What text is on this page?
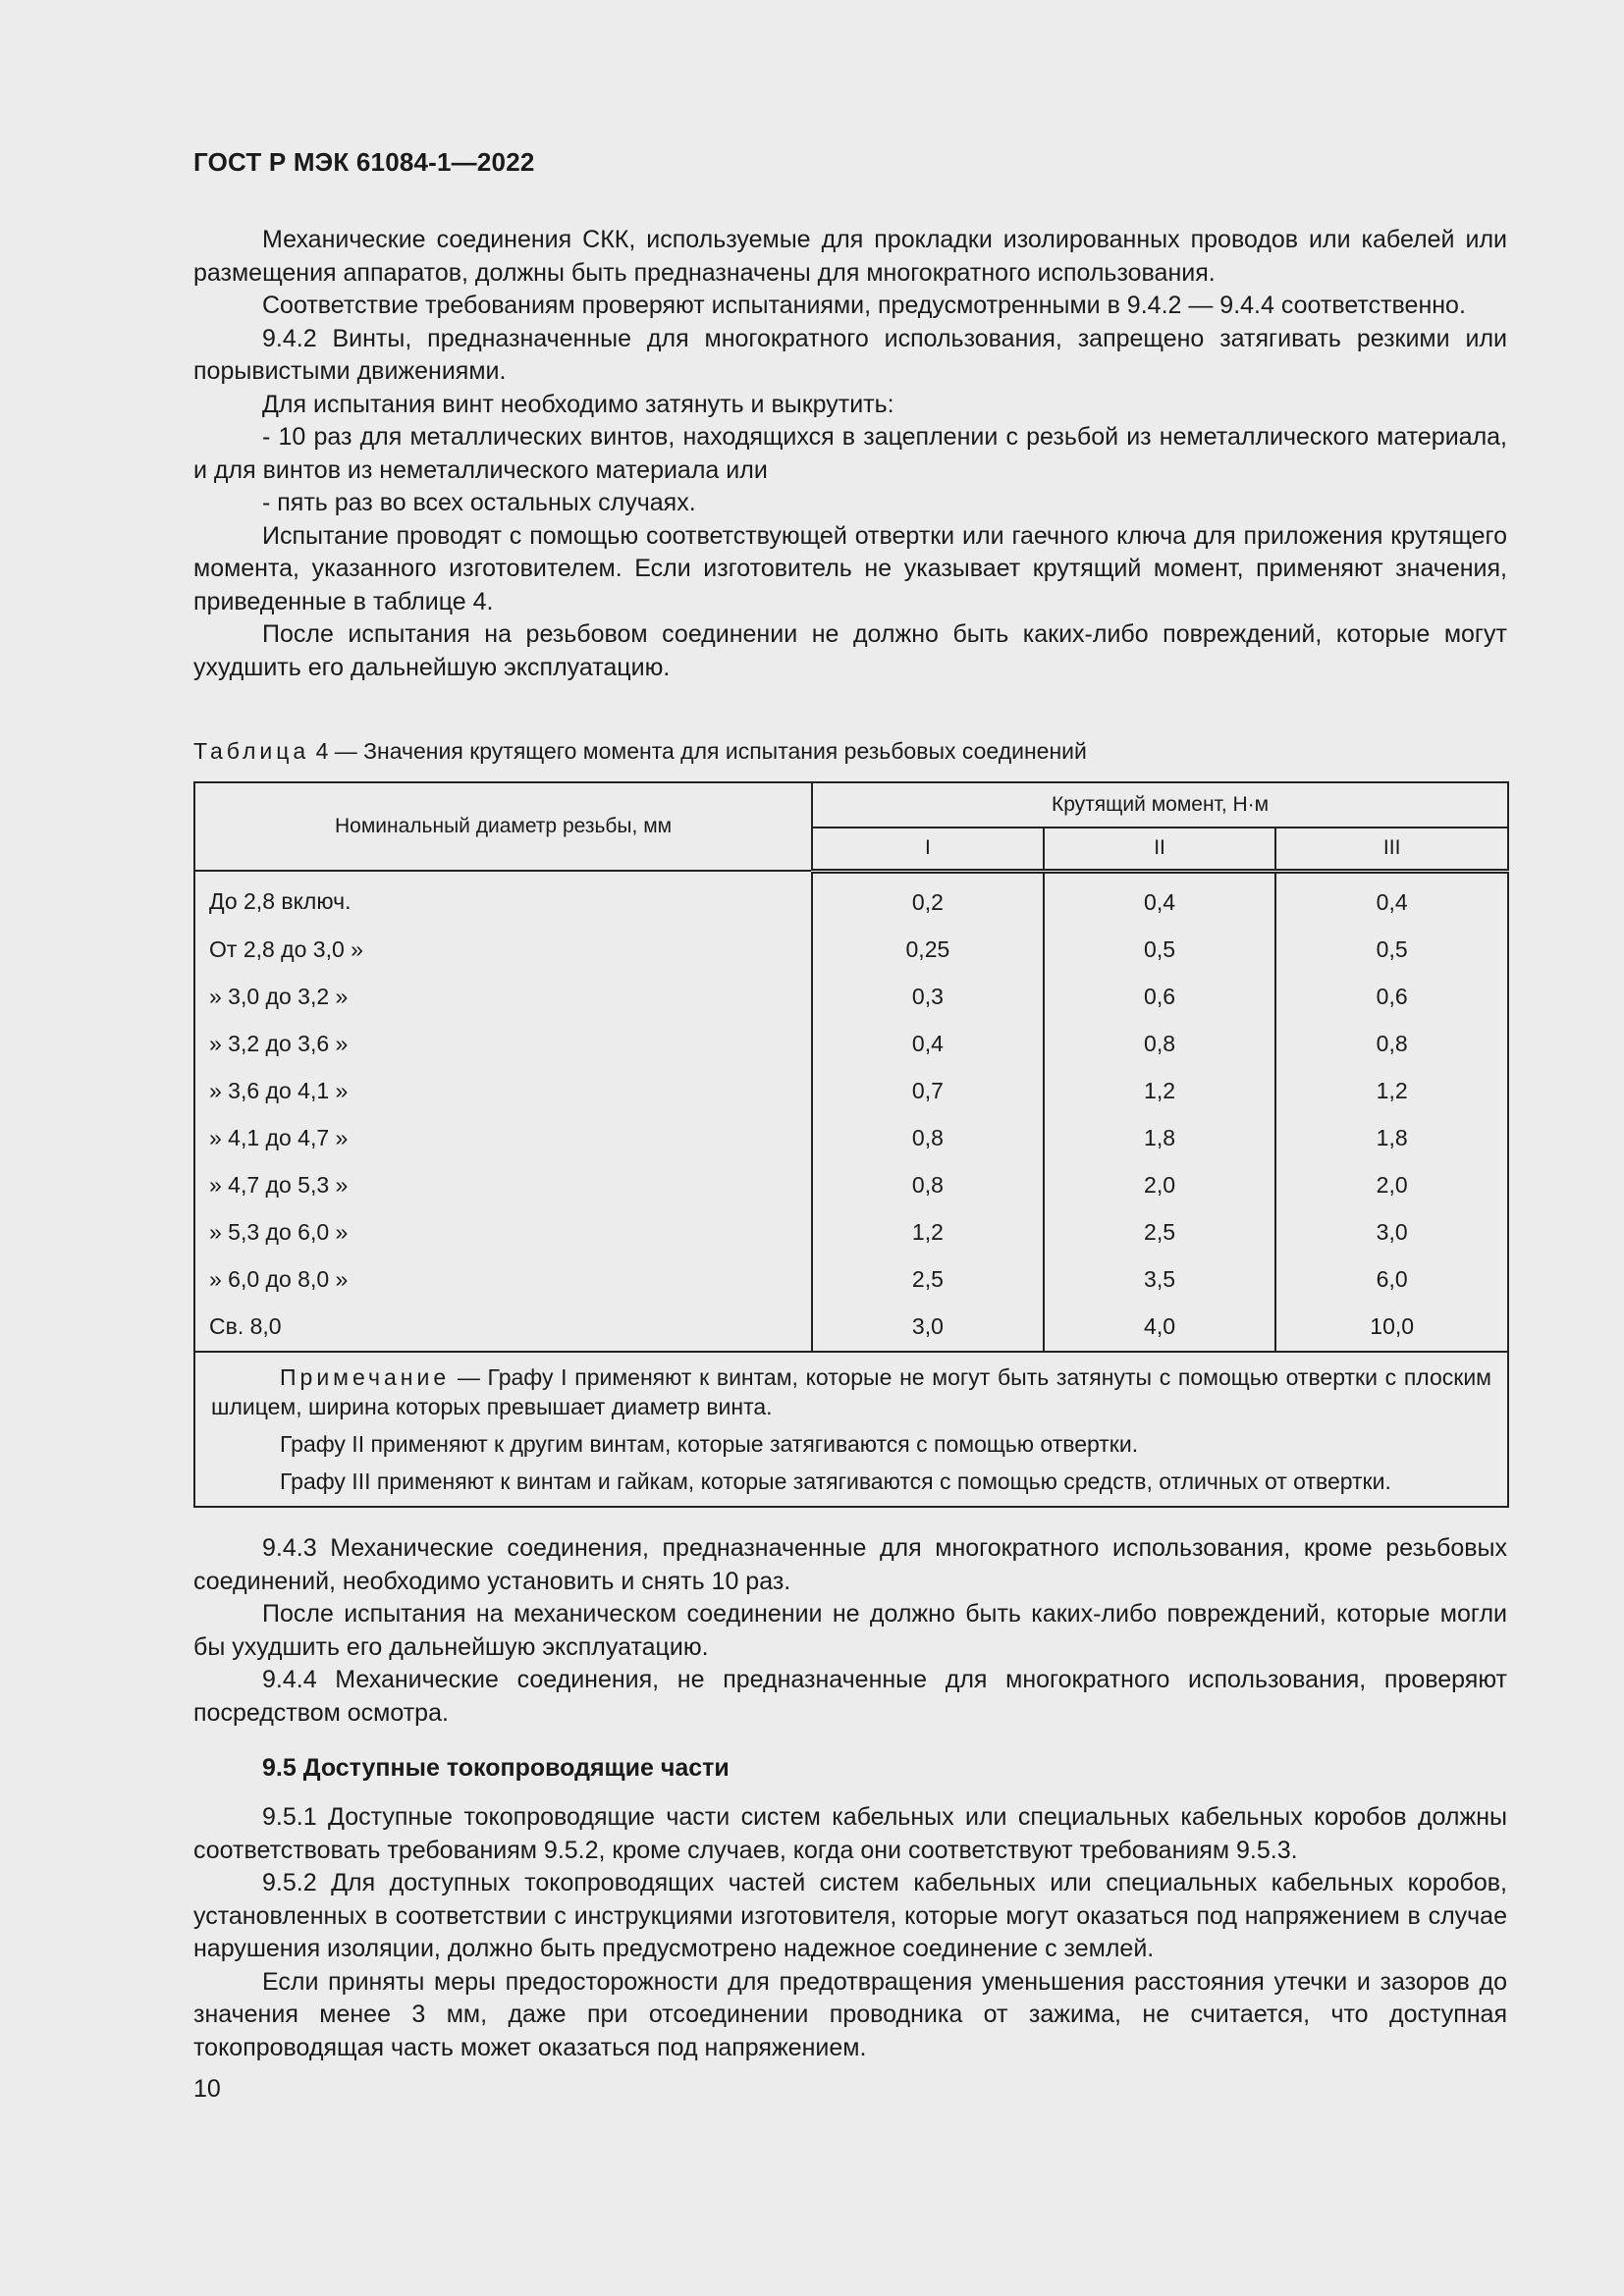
ГОСТ Р МЭК 61084-1—2022

Механические соединения СКК, используемые для прокладки изолированных проводов или кабелей или размещения аппаратов, должны быть предназначены для многократного использования.

Соответствие требованиям проверяют испытаниями, предусмотренными в 9.4.2 — 9.4.4 соответственно.

9.4.2 Винты, предназначенные для многократного использования, запрещено затягивать резкими или порывистыми движениями.

Для испытания винт необходимо затянуть и выкрутить:

- 10 раз для металлических винтов, находящихся в зацеплении с резьбой из неметаллического материала, и для винтов из неметаллического материала или

- пять раз во всех остальных случаях.

Испытание проводят с помощью соответствующей отвертки или гаечного ключа для приложения крутящего момента, указанного изготовителем. Если изготовитель не указывает крутящий момент, применяют значения, приведенные в таблице 4.

После испытания на резьбовом соединении не должно быть каких-либо повреждений, которые могут ухудшить его дальнейшую эксплуатацию.

Таблица 4 — Значения крутящего момента для испытания резьбовых соединений
Номинальный диаметр резьбы, мм	Крутящий момент, Н·м		
	I	II	III
До 2,8 включ.	0,2	0,4	0,4
От 2,8 до 3,0 »	0,25	0,5	0,5
» 3,0 до 3,2 »	0,3	0,6	0,6
» 3,2 до 3,6 »	0,4	0,8	0,8
» 3,6 до 4,1 »	0,7	1,2	1,2
» 4,1 до 4,7 »	0,8	1,8	1,8
» 4,7 до 5,3 »	0,8	2,0	2,0
» 5,3 до 6,0 »	1,2	2,5	3,0
» 6,0 до 8,0 »	2,5	3,5	6,0
Св. 8,0	3,0	4,0	10,0

Примечание — Графу I применяют к винтам, которые не могут быть затянуты с помощью отвертки с плоским шлицем, ширина которых превышает диаметр винта.

Графу II применяют к другим винтам, которые затягиваются с помощью отвертки.

Графу III применяют к винтам и гайкам, которые затягиваются с помощью средств, отличных от отвертки.

9.4.3 Механические соединения, предназначенные для многократного использования, кроме резьбовых соединений, необходимо установить и снять 10 раз.

После испытания на механическом соединении не должно быть каких-либо повреждений, которые могли бы ухудшить его дальнейшую эксплуатацию.

9.4.4 Механические соединения, не предназначенные для многократного использования, проверяют посредством осмотра.

9.5 Доступные токопроводящие части

9.5.1 Доступные токопроводящие части систем кабельных или специальных кабельных коробов должны соответствовать требованиям 9.5.2, кроме случаев, когда они соответствуют требованиям 9.5.3.

9.5.2 Для доступных токопроводящих частей систем кабельных или специальных кабельных коробов, установленных в соответствии с инструкциями изготовителя, которые могут оказаться под напряжением в случае нарушения изоляции, должно быть предусмотрено надежное соединение с землей.

Если приняты меры предосторожности для предотвращения уменьшения расстояния утечки и зазоров до значения менее 3 мм, даже при отсоединении проводника от зажима, не считается, что доступная токопроводящая часть может оказаться под напряжением.

10
